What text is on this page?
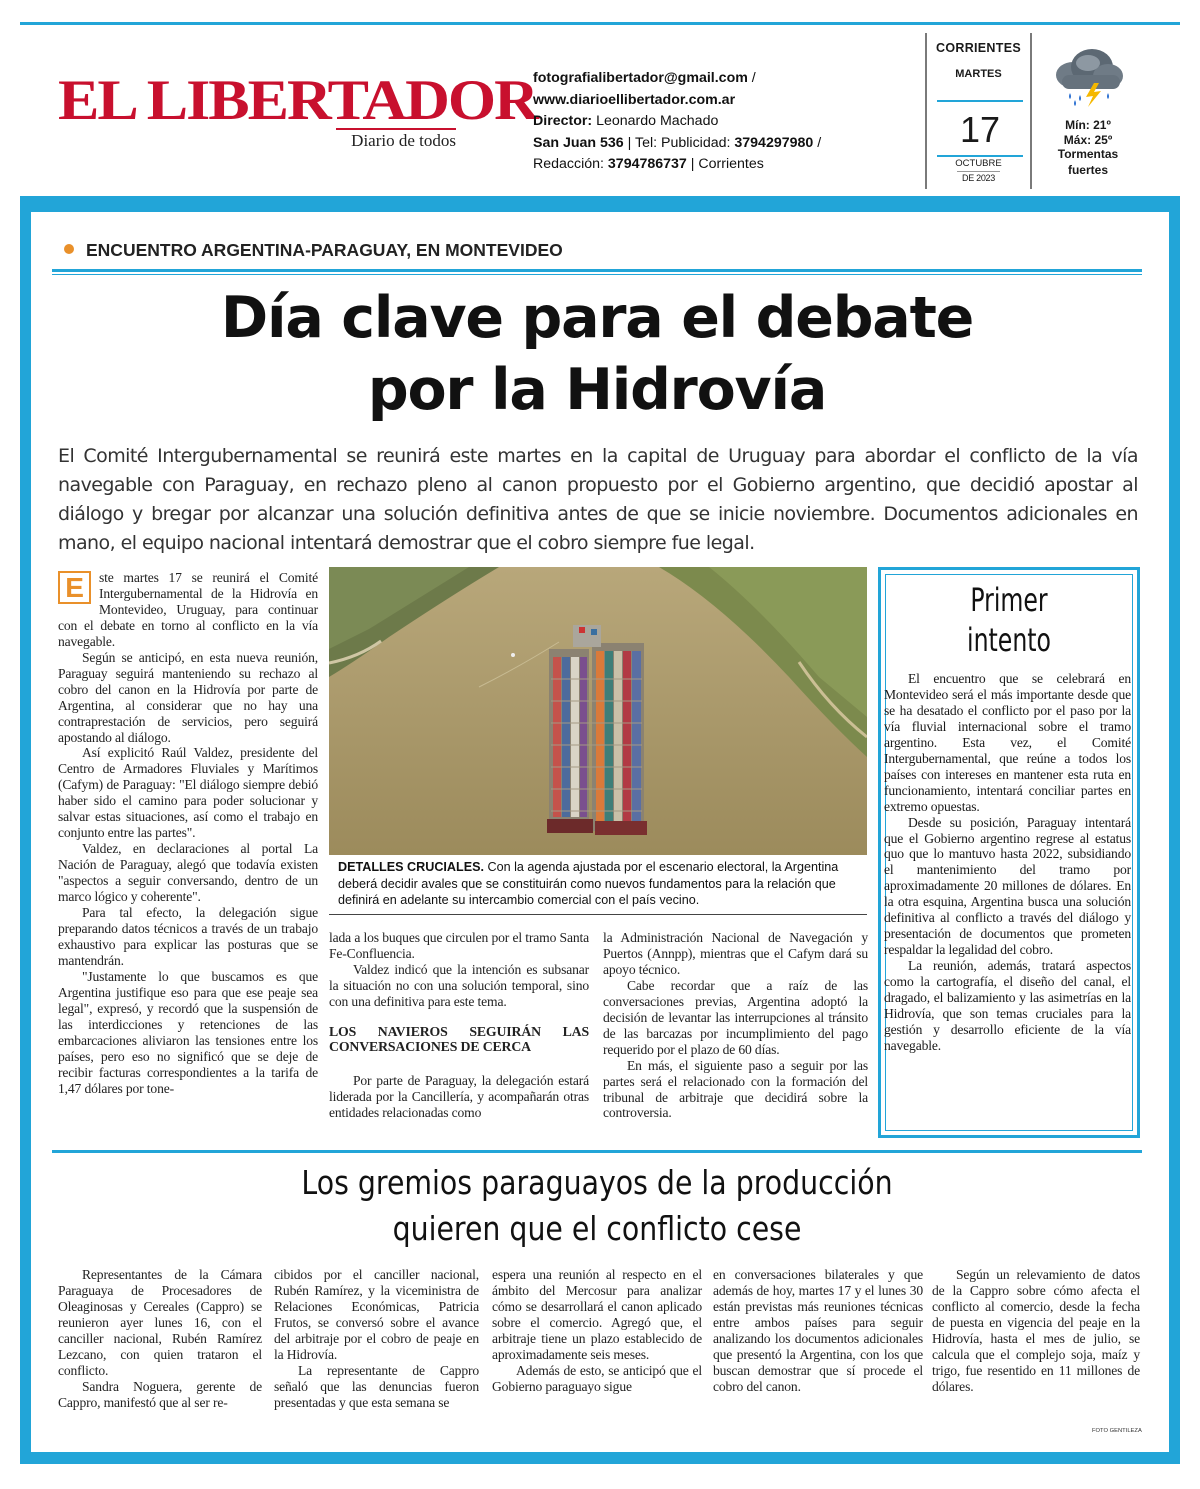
EL LIBERTADOR
Diario de todos
fotografialibertador@gmail.com /
www.diarioellibertador.com.ar
Director: Leonardo Machado
San Juan 536 | Tel: Publicidad: 3794297980 /
Redacción: 3794786737 | Corrientes
CORRIENTES
MARTES
17
OCTUBRE
DE 2023
Mín: 21º
Máx: 25º
Tormentas
fuertes
ENCUENTRO ARGENTINA-PARAGUAY, EN MONTEVIDEO
Día clave para el debate
por la Hidrovía
El Comité Intergubernamental se reunirá este martes en la capital de Uruguay para abordar el conflicto de la vía navegable con Paraguay, en rechazo pleno al canon propuesto por el Gobierno argentino, que decidió apostar al diálogo y bregar por alcanzar una solución definitiva antes de que se inicie noviembre. Documentos adicionales en mano, el equipo nacional intentará demostrar que el cobro siempre fue legal.

E	ste martes 17 se reunirá el Comité Intergubernamental de la Hidrovía en Montevideo, Uruguay, para continuar con el debate en torno al conflicto en la vía navegable.

Según se anticipó, en esta nueva reunión, Paraguay seguirá manteniendo su rechazo al cobro del canon en la Hidrovía por parte de Argentina, al considerar que no hay una contraprestación de servicios, pero seguirá apostando al diálogo.

Así explicitó Raúl Valdez, presidente del Centro de Armadores Fluviales y Marítimos (Cafym) de Paraguay: "El diálogo siempre debió haber sido el camino para poder solucionar y salvar estas situaciones, así como el trabajo en conjunto entre las partes".

Valdez, en declaraciones al portal La Nación de Paraguay, alegó que todavía existen "aspectos a seguir conversando, dentro de un marco lógico y coherente".

Para tal efecto, la delegación sigue preparando datos técnicos a través de un trabajo exhaustivo para explicar las posturas que se mantendrán.

"Justamente lo que buscamos es que Argentina justifique eso para que ese peaje sea legal", expresó, y recordó que la suspensión de las interdicciones y retenciones de las embarcaciones aliviaron las tensiones entre los países, pero eso no significó que se deje de recibir facturas correspondientes a la tarifa de 1,47 dólares por tone-

DETALLES CRUCIALES. Con la agenda ajustada por el escenario electoral, la Argentina deberá decidir avales que se constituirán como nuevos fundamentos para la relación que definirá en adelante su intercambio comercial con el país vecino.

lada a los buques que circulen por el tramo Santa Fe-Confluencia.

Valdez indicó que la intención es subsanar la situación no con una solución temporal, sino con una definitiva para este tema.

LOS NAVIEROS SEGUIRÁN LAS CONVERSACIONES DE CERCA

Por parte de Paraguay, la delegación estará liderada por la Cancillería, y acompañarán otras entidades relacionadas como

la Administración Nacional de Navegación y Puertos (Annpp), mientras que el Cafym dará su apoyo técnico.

Cabe recordar que a raíz de las conversaciones previas, Argentina adoptó la decisión de levantar las interrupciones al tránsito de las barcazas por incumplimiento del pago requerido por el plazo de 60 días.

En más, el siguiente paso a seguir por las partes será el relacionado con la formación del tribunal de arbitraje que decidirá sobre la controversia.

Primer
intento

El encuentro que se celebrará en Montevideo será el más importante desde que se ha desatado el conflicto por el paso por la vía fluvial internacional sobre el tramo argentino. Esta vez, el Comité Intergubernamental, que reúne a todos los países con intereses en mantener esta ruta en funcionamiento, intentará conciliar partes en extremo opuestas.

Desde su posición, Paraguay intentará que el Gobierno argentino regrese al estatus quo que lo mantuvo hasta 2022, subsidiando el mantenimiento del tramo por aproximadamente 20 millones de dólares. En la otra esquina, Argentina busca una solución definitiva al conflicto a través del diálogo y presentación de documentos que prometen respaldar la legalidad del cobro.

La reunión, además, tratará aspectos como la cartografía, el diseño del canal, el dragado, el balizamiento y las asimetrías en la Hidrovía, que son temas cruciales para la gestión y desarrollo eficiente de la vía navegable.

Los gremios paraguayos de la producción
quieren que el conflicto cese

Representantes de la Cámara Paraguaya de Procesadores de Oleaginosas y Cereales (Cappro) se reunieron ayer lunes 16, con el canciller nacional, Rubén Ramírez Lezcano, con quien trataron el conflicto.

Sandra Noguera, gerente de Cappro, manifestó que al ser re-

cibidos por el canciller nacional, Rubén Ramírez, y la viceministra de Relaciones Económicas, Patricia Frutos, se conversó sobre el avance del arbitraje por el cobro de peaje en la Hidrovía.

La representante de Cappro señaló que las denuncias fueron presentadas y que esta semana se

espera una reunión al respecto en el ámbito del Mercosur para analizar cómo se desarrollará el canon aplicado sobre el comercio. Agregó que, el arbitraje tiene un plazo establecido de aproximadamente seis meses.

Además de esto, se anticipó que el Gobierno paraguayo sigue

en conversaciones bilaterales y que además de hoy, martes 17 y el lunes 30 están previstas más reuniones técnicas entre ambos países para seguir analizando los documentos adicionales que presentó la Argentina, con los que buscan demostrar que sí procede el cobro del canon.

Según un relevamiento de datos de la Cappro sobre cómo afecta el conflicto al comercio, desde la fecha de puesta en vigencia del peaje en la Hidrovía, hasta el mes de julio, se calcula que el complejo soja, maíz y trigo, fue resentido en 11 millones de dólares.

FOTO GENTILEZA
